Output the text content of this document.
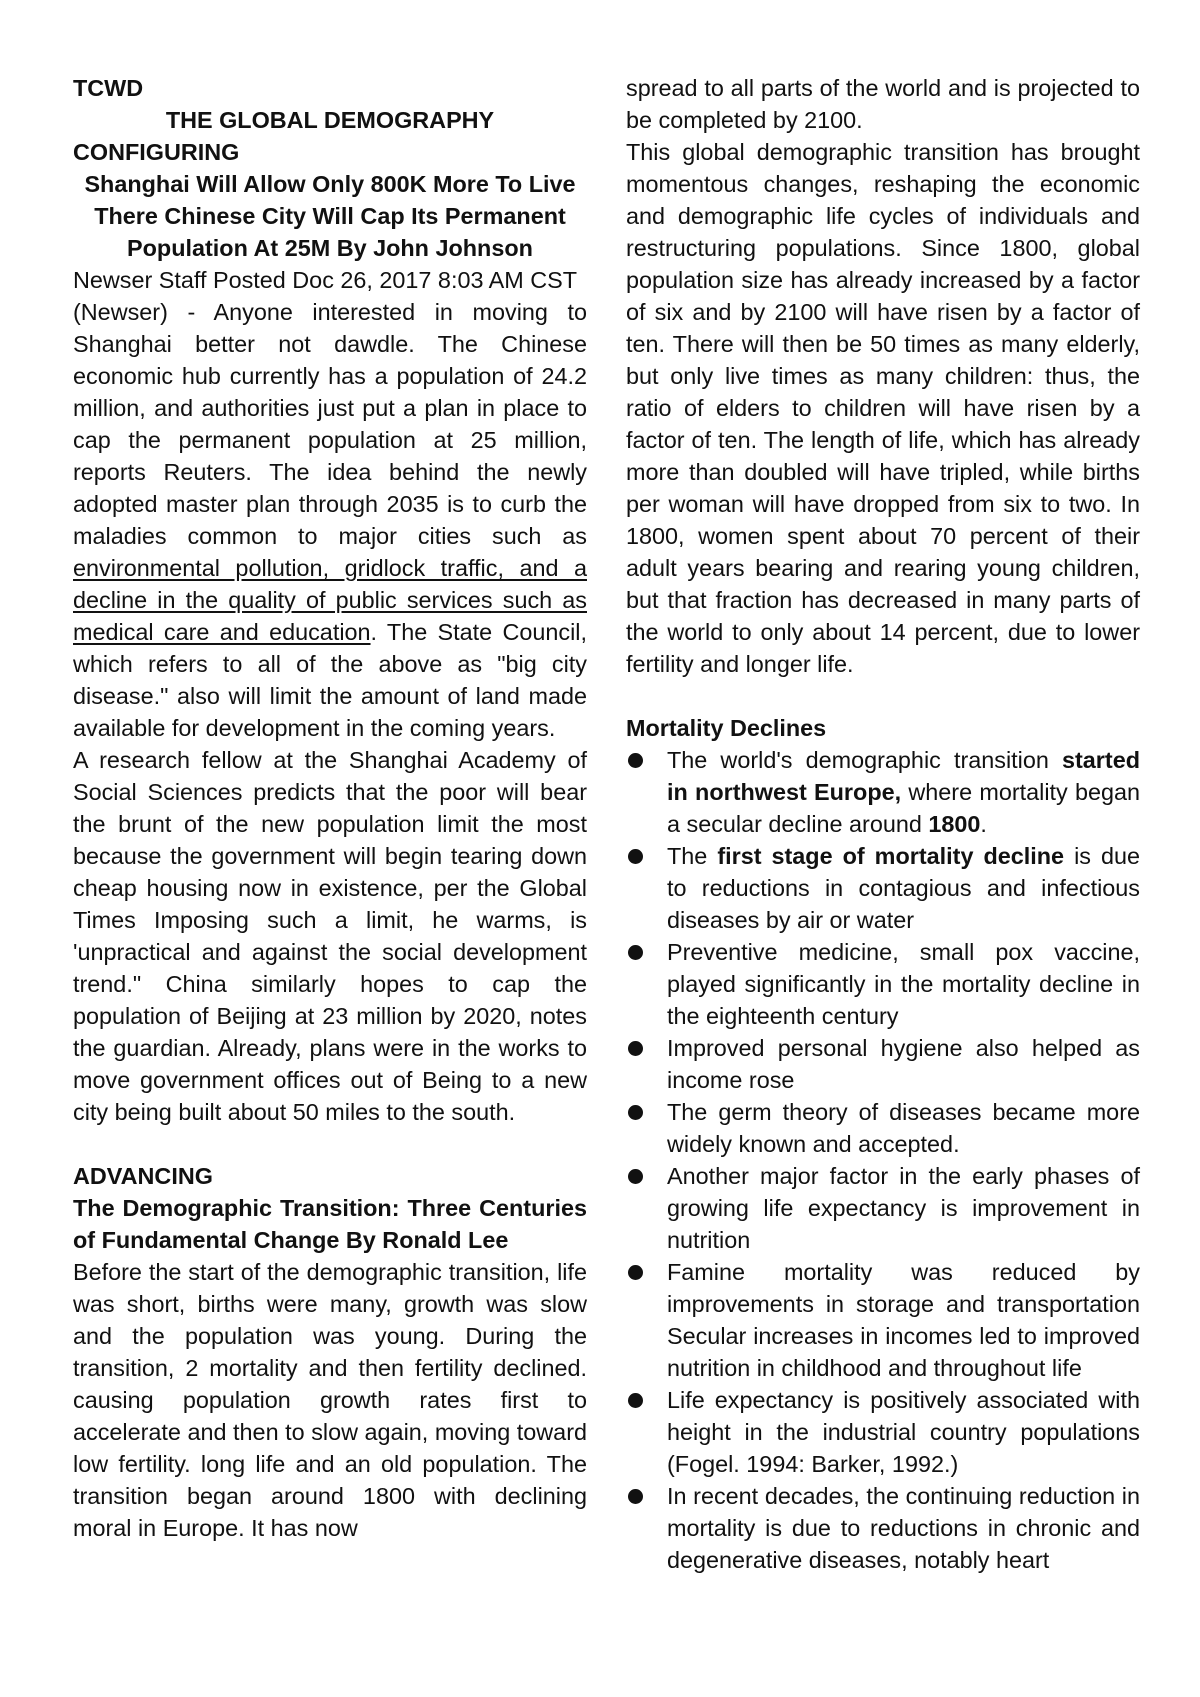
TCWD

THE GLOBAL DEMOGRAPHY

CONFIGURING

Shanghai Will Allow Only 800K More To Live There Chinese City Will Cap Its Permanent Population At 25M By John Johnson

Newser Staff Posted Doc 26, 2017 8:03 AM CST

(Newser) - Anyone interested in moving to Shanghai better not dawdle. The Chinese economic hub currently has a population of 24.2 million, and authorities just put a plan in place to cap the permanent population at 25 million, reports Reuters. The idea behind the newly adopted master plan through 2035 is to curb the maladies common to major cities such as environmental pollution, gridlock traffic, and a decline in the quality of public services such as medical care and education. The State Council, which refers to all of the above as "big city disease." also will limit the amount of land made available for development in the coming years.

A research fellow at the Shanghai Academy of Social Sciences predicts that the poor will bear the brunt of the new population limit the most because the government will begin tearing down cheap housing now in existence, per the Global Times Imposing such a limit, he warms, is 'unpractical and against the social development trend." China similarly hopes to cap the population of Beijing at 23 million by 2020, notes the guardian. Already, plans were in the works to move government offices out of Being to a new city being built about 50 miles to the south.

ADVANCING

The Demographic Transition: Three Centuries of Fundamental Change By Ronald Lee

Before the start of the demographic transition, life was short, births were many, growth was slow and the population was young. During the transition, 2 mortality and then fertility declined. causing population growth rates first to accelerate and then to slow again, moving toward low fertility. long life and an old population. The transition began around 1800 with declining moral in Europe. It has now

spread to all parts of the world and is projected to be completed by 2100.

This global demographic transition has brought momentous changes, reshaping the economic and demographic life cycles of individuals and restructuring populations. Since 1800, global population size has already increased by a factor of six and by 2100 will have risen by a factor of ten. There will then be 50 times as many elderly, but only live times as many children: thus, the ratio of elders to children will have risen by a factor of ten. The length of life, which has already more than doubled will have tripled, while births per woman will have dropped from six to two. In 1800, women spent about 70 percent of their adult years bearing and rearing young children, but that fraction has decreased in many parts of the world to only about 14 percent, due to lower fertility and longer life.

Mortality Declines

The world's demographic transition started in northwest Europe, where mortality began a secular decline around 1800.
The first stage of mortality decline is due to reductions in contagious and infectious diseases by air or water
Preventive medicine, small pox vaccine, played significantly in the mortality decline in the eighteenth century
Improved personal hygiene also helped as income rose
The germ theory of diseases became more widely known and accepted.
Another major factor in the early phases of growing life expectancy is improvement in nutrition
Famine mortality was reduced by improvements in storage and transportation Secular increases in incomes led to improved nutrition in childhood and throughout life
Life expectancy is positively associated with height in the industrial country populations (Fogel. 1994: Barker, 1992.)
In recent decades, the continuing reduction in mortality is due to reductions in chronic and degenerative diseases, notably heart
